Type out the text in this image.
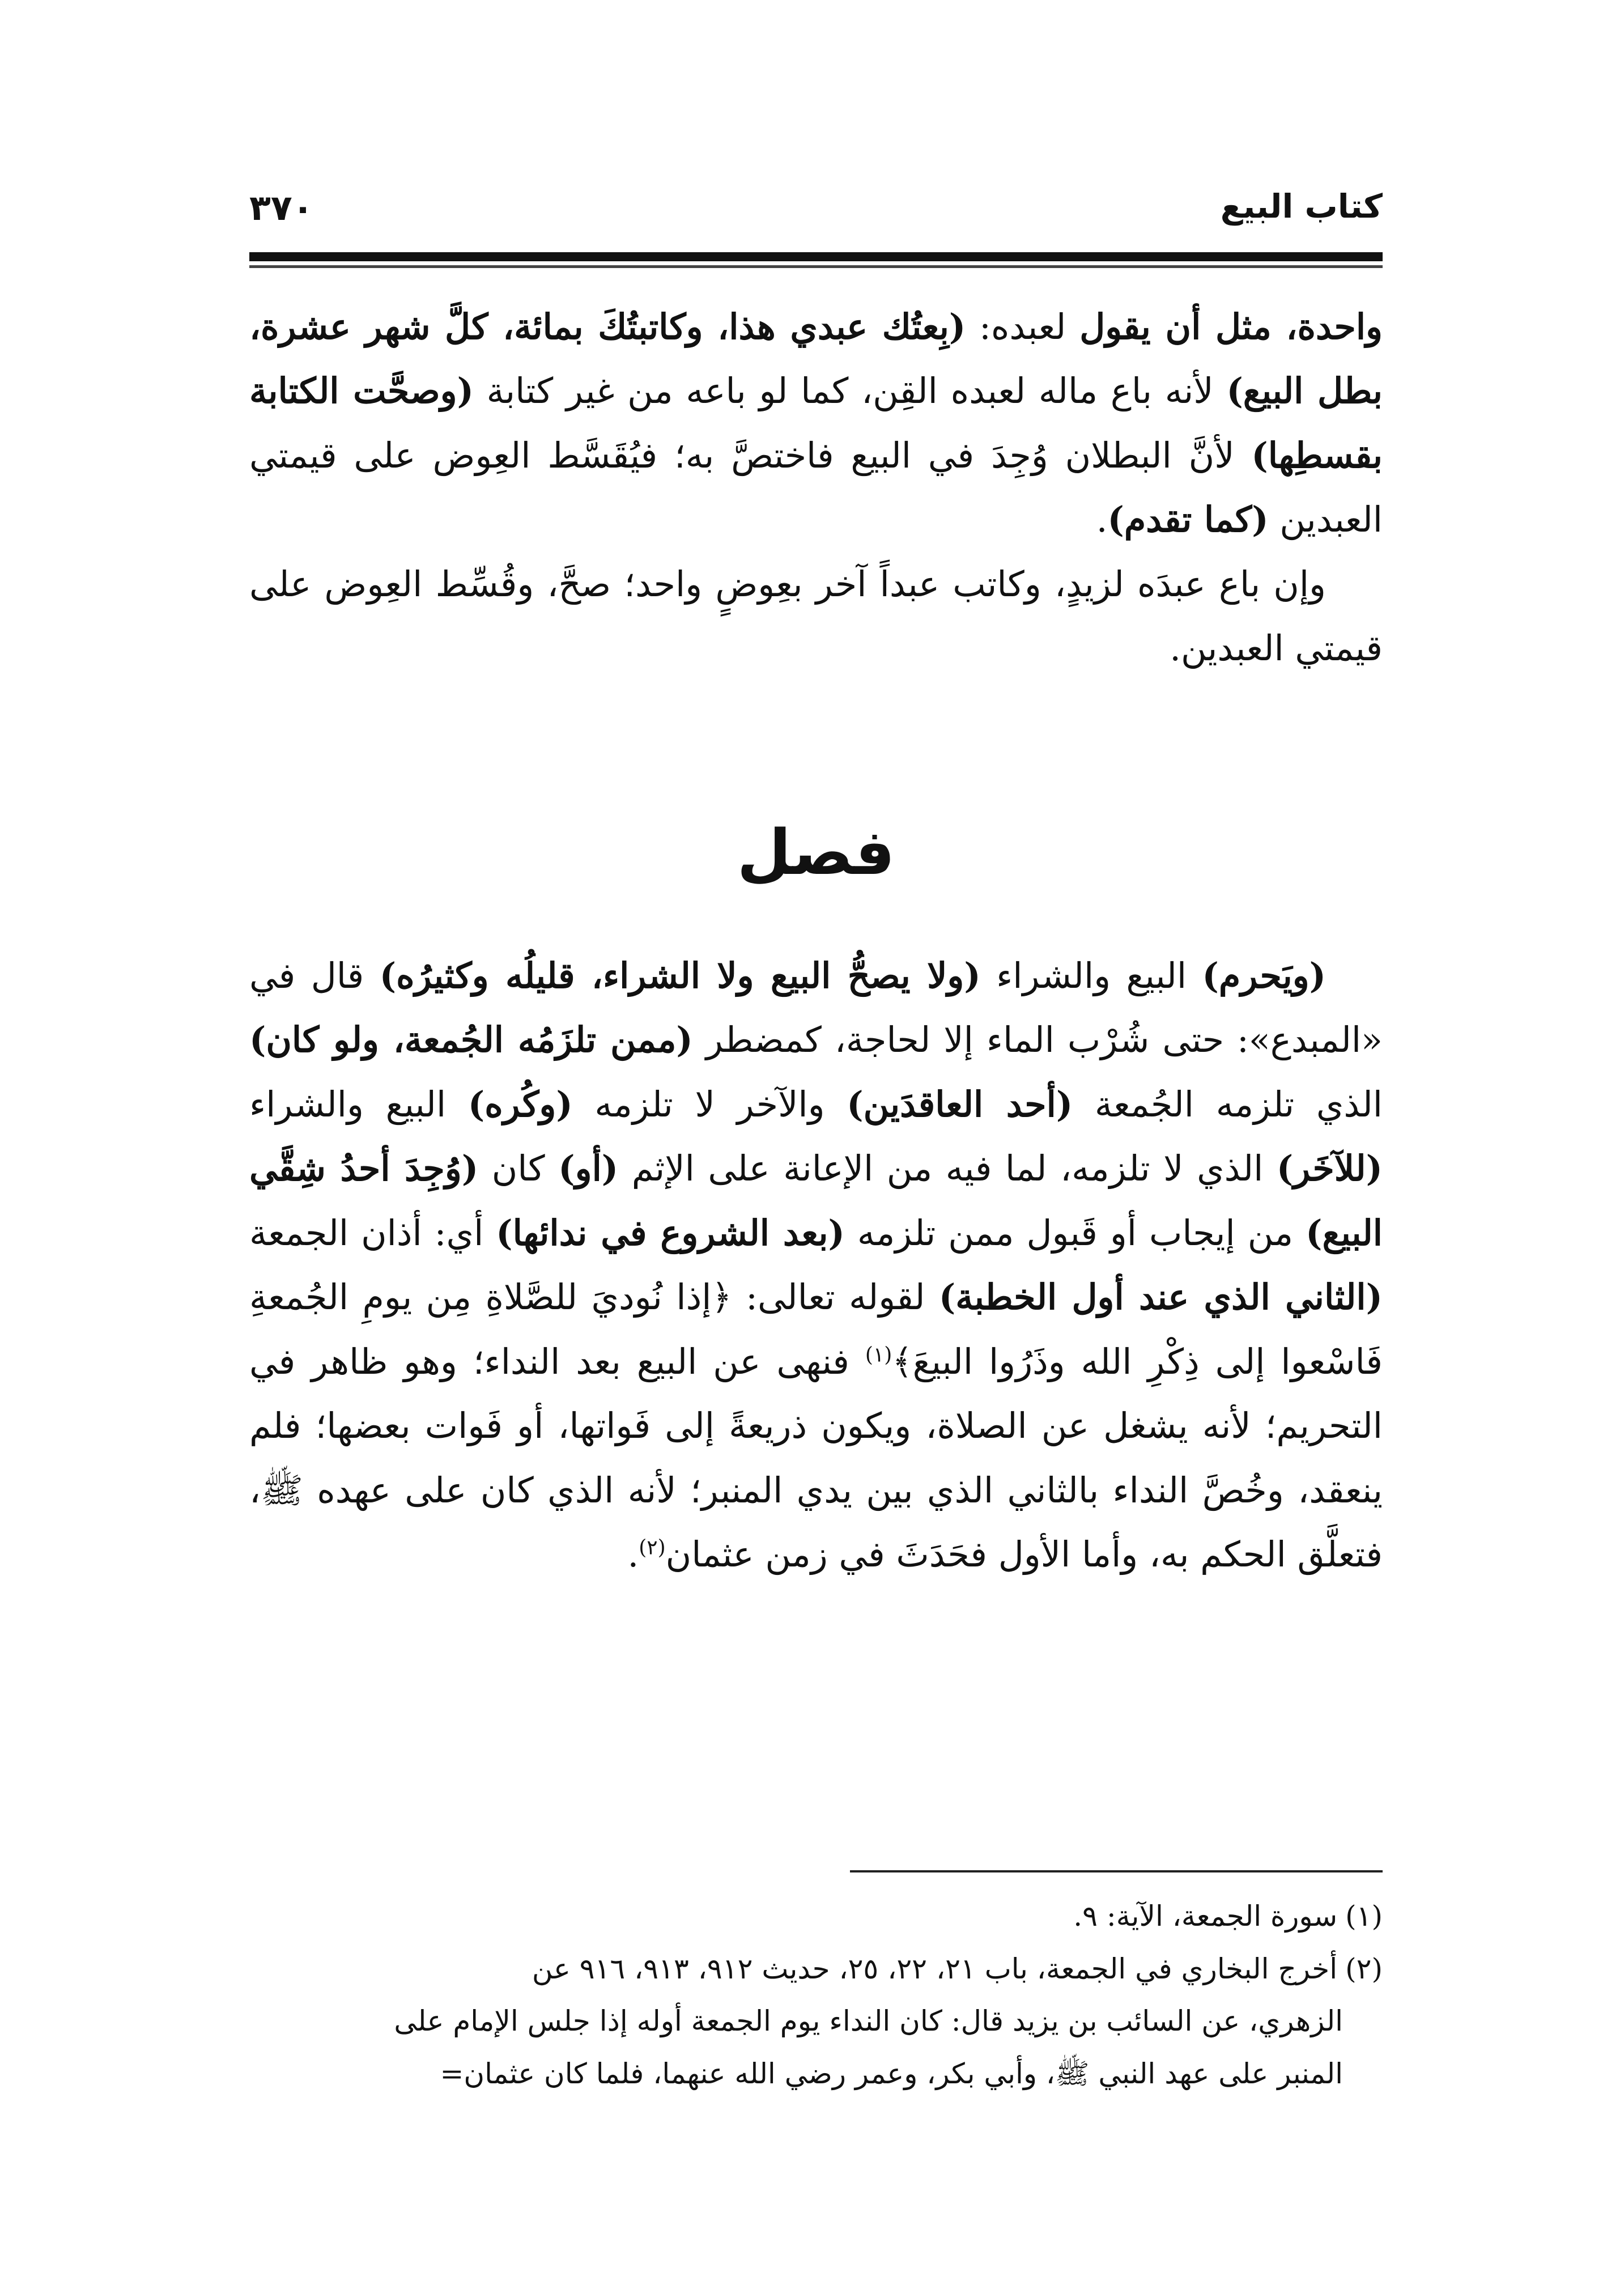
كتاب البيع
٣٧٠

واحدة، مثل أن يقول لعبده: (بِعتُك عبدي هذا، وكاتبتُكَ بمائة، كلَّ شهر عشرة، بطل البيع) لأنه باع ماله لعبده القِن، كما لو باعه من غير كتابة (وصحَّت الكتابة بقسطِها) لأنَّ البطلان وُجِدَ في البيع فاختصَّ به؛ فيُقَسَّط العِوض على قيمتي العبدين (كما تقدم).

وإن باع عبدَه لزيدٍ، وكاتب عبداً آخر بعِوضٍ واحد؛ صحَّ، وقُسِّط العِوض على قيمتي العبدين.

فصل

(ويَحرم) البيع والشراء (ولا يصحُّ البيع ولا الشراء، قليلُه وكثيرُه) قال في «المبدع»: حتى شُرْب الماء إلا لحاجة، كمضطر (ممن تلزَمُه الجُمعة، ولو كان) الذي تلزمه الجُمعة (أحد العاقدَين) والآخر لا تلزمه (وكُره) البيع والشراء (للآخَر) الذي لا تلزمه، لما فيه من الإعانة على الإثم (أو) كان (وُجِدَ أحدُ شِقَّي البيع) من إيجاب أو قَبول ممن تلزمه (بعد الشروع في ندائها) أي: أذان الجمعة (الثاني الذي عند أول الخطبة) لقوله تعالى: ﴿إذا نُوديَ للصَّلاةِ مِن يومِ الجُمعةِ فَاسْعوا إلى ذِكْرِ الله وذَرُوا البيعَ﴾$^{(١)}$ فنهى عن البيع بعد النداء؛ وهو ظاهر في التحريم؛ لأنه يشغل عن الصلاة، ويكون ذريعةً إلى فَواتها، أو فَوات بعضها؛ فلم ينعقد، وخُصَّ النداء بالثاني الذي بين يدي المنبر؛ لأنه الذي كان على عهده ﷺ، فتعلَّق الحكم به، وأما الأول فحَدَثَ في زمن عثمان$^{(٢)}$.

(١)سورة الجمعة، الآية: ٩.

(٢)أخرج البخاري في الجمعة، باب ٢١، ٢٢، ٢٥، حديث ٩١٢، ٩١٣، ٩١٦ عن

الزهري، عن السائب بن يزيد قال: كان النداء يوم الجمعة أوله إذا جلس الإمام على

المنبر على عهد النبي ﷺ، وأبي بكر، وعمر رضي الله عنهما، فلما كان عثمان=
